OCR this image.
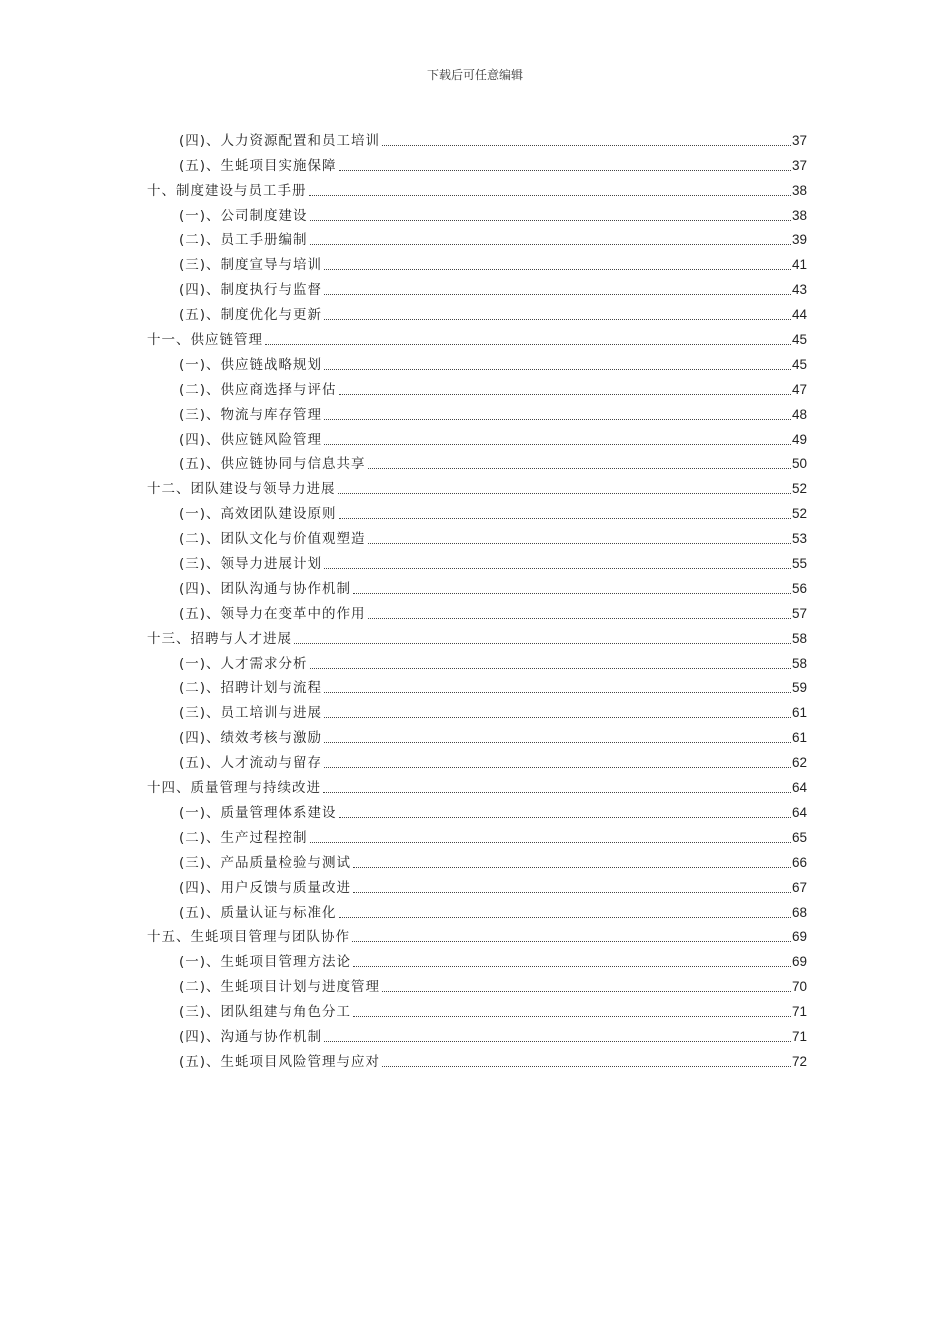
下载后可任意编辑
(四)、人力资源配置和员工培训	37
(五)、生蚝项目实施保障	37
十、制度建设与员工手册	38
(一)、公司制度建设	38
(二)、员工手册编制	39
(三)、制度宣导与培训	41
(四)、制度执行与监督	43
(五)、制度优化与更新	44
十一、供应链管理	45
(一)、供应链战略规划	45
(二)、供应商选择与评估	47
(三)、物流与库存管理	48
(四)、供应链风险管理	49
(五)、供应链协同与信息共享	50
十二、团队建设与领导力进展	52
(一)、高效团队建设原则	52
(二)、团队文化与价值观塑造	53
(三)、领导力进展计划	55
(四)、团队沟通与协作机制	56
(五)、领导力在变革中的作用	57
十三、招聘与人才进展	58
(一)、人才需求分析	58
(二)、招聘计划与流程	59
(三)、员工培训与进展	61
(四)、绩效考核与激励	61
(五)、人才流动与留存	62
十四、质量管理与持续改进	64
(一)、质量管理体系建设	64
(二)、生产过程控制	65
(三)、产品质量检验与测试	66
(四)、用户反馈与质量改进	67
(五)、质量认证与标准化	68
十五、生蚝项目管理与团队协作	69
(一)、生蚝项目管理方法论	69
(二)、生蚝项目计划与进度管理	70
(三)、团队组建与角色分工	71
(四)、沟通与协作机制	71
(五)、生蚝项目风险管理与应对	72
